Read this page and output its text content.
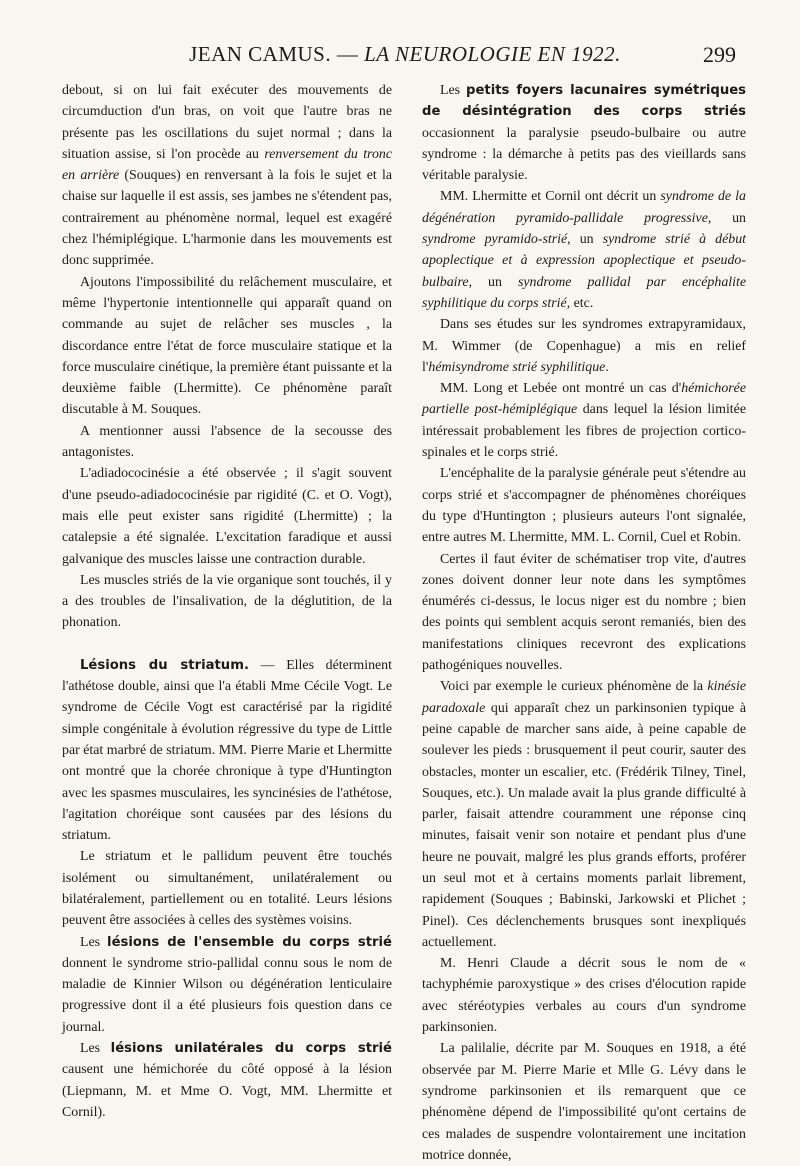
JEAN CAMUS. — LA NEUROLOGIE EN 1922.	299

debout, si on lui fait exécuter des mouvements de circumduction d'un bras, on voit que l'autre bras ne présente pas les oscillations du sujet normal ; dans la situation assise, si l'on procède au renversement du tronc en arrière (Souques) en renversant à la fois le sujet et la chaise sur laquelle il est assis, ses jambes ne s'étendent pas, contrairement au phénomène normal, lequel est exagéré chez l'hémiplégique. L'harmonie dans les mouvements est donc supprimée.

Ajoutons l'impossibilité du relâchement musculaire, et même l'hypertonie intentionnelle qui apparaît quand on commande au sujet de relâcher ses muscles , la discordance entre l'état de force musculaire statique et la force musculaire cinétique, la première étant puissante et la deuxième faible (Lhermitte). Ce phénomène paraît discutable à M. Souques.

A mentionner aussi l'absence de la secousse des antagonistes.

L'adiadococinésie a été observée ; il s'agit souvent d'une pseudo-adiadococinésie par rigidité (C. et O. Vogt), mais elle peut exister sans rigidité (Lhermitte) ; la catalepsie a été signalée. L'excitation faradique et aussi galvanique des muscles laisse une contraction durable.

Les muscles striés de la vie organique sont touchés, il y a des troubles de l'insalivation, de la déglutition, de la phonation.

Lésions du striatum. — Elles déterminent l'athétose double, ainsi que l'a établi Mme Cécile Vogt. Le syndrome de Cécile Vogt est caractérisé par la rigidité simple congénitale à évolution régressive du type de Little par état marbré de striatum. MM. Pierre Marie et Lhermitte ont montré que la chorée chronique à type d'Huntington avec les spasmes musculaires, les syncinésies de l'athétose, l'agitation choréique sont causées par des lésions du striatum.

Le striatum et le pallidum peuvent être touchés isolément ou simultanément, unilatéralement ou bilatéralement, partiellement ou en totalité. Leurs lésions peuvent être associées à celles des systèmes voisins.

Les lésions de l'ensemble du corps strié donnent le syndrome strio-pallidal connu sous le nom de maladie de Kinnier Wilson ou dégénération lenticulaire progressive dont il a été plusieurs fois question dans ce journal.

Les lésions unilatérales du corps strié causent une hémichorée du côté opposé à la lésion (Liepmann, M. et Mme O. Vogt, MM. Lhermitte et Cornil).

Les petits foyers lacunaires symétriques de désintégration des corps striés occasionnent la paralysie pseudo-bulbaire ou autre syndrome : la démarche à petits pas des vieillards sans véritable paralysie.

MM. Lhermitte et Cornil ont décrit un syndrome de la dégénération pyramido-pallidale progressive, un syndrome pyramido-strié, un syndrome strié à début apoplectique et à expression apoplectique et pseudo-bulbaire, un syndrome pallidal par encéphalite syphilitique du corps strié, etc.

Dans ses études sur les syndromes extrapyramidaux, M. Wimmer (de Copenhague) a mis en relief l'hémisyndrome strié syphilitique.

MM. Long et Lebée ont montré un cas d'hémichorée partielle post-hémiplégique dans lequel la lésion limitée intéressait probablement les fibres de projection cortico-spinales et le corps strié.

L'encéphalite de la paralysie générale peut s'étendre au corps strié et s'accompagner de phénomènes choréiques du type d'Huntington ; plusieurs auteurs l'ont signalée, entre autres M. Lhermitte, MM. L. Cornil, Cuel et Robin.

Certes il faut éviter de schématiser trop vite, d'autres zones doivent donner leur note dans les symptômes énumérés ci-dessus, le locus niger est du nombre ; bien des points qui semblent acquis seront remaniés, bien des manifestations cliniques recevront des explications pathogéniques nouvelles.

Voici par exemple le curieux phénomène de la kinésie paradoxale qui apparaît chez un parkinsonien typique à peine capable de marcher sans aide, à peine capable de soulever les pieds : brusquement il peut courir, sauter des obstacles, monter un escalier, etc. (Frédérik Tilney, Tinel, Souques, etc.). Un malade avait la plus grande difficulté à parler, faisait attendre couramment une réponse cinq minutes, faisait venir son notaire et pendant plus d'une heure ne pouvait, malgré les plus grands efforts, proférer un seul mot et à certains moments parlait librement, rapidement (Souques ; Babinski, Jarkowski et Plichet ; Pinel). Ces déclenchements brusques sont inexpliqués actuellement.

M. Henri Claude a décrit sous le nom de « tachyphémie paroxystique » des crises d'élocution rapide avec stéréotypies verbales au cours d'un syndrome parkinsonien.

La palilalie, décrite par M. Souques en 1918, a été observée par M. Pierre Marie et Mlle G. Lévy dans le syndrome parkinsonien et ils remarquent que ce phénomène dépend de l'impossibilité qu'ont certains de ces malades de suspendre volontairement une incitation motrice donnée,
